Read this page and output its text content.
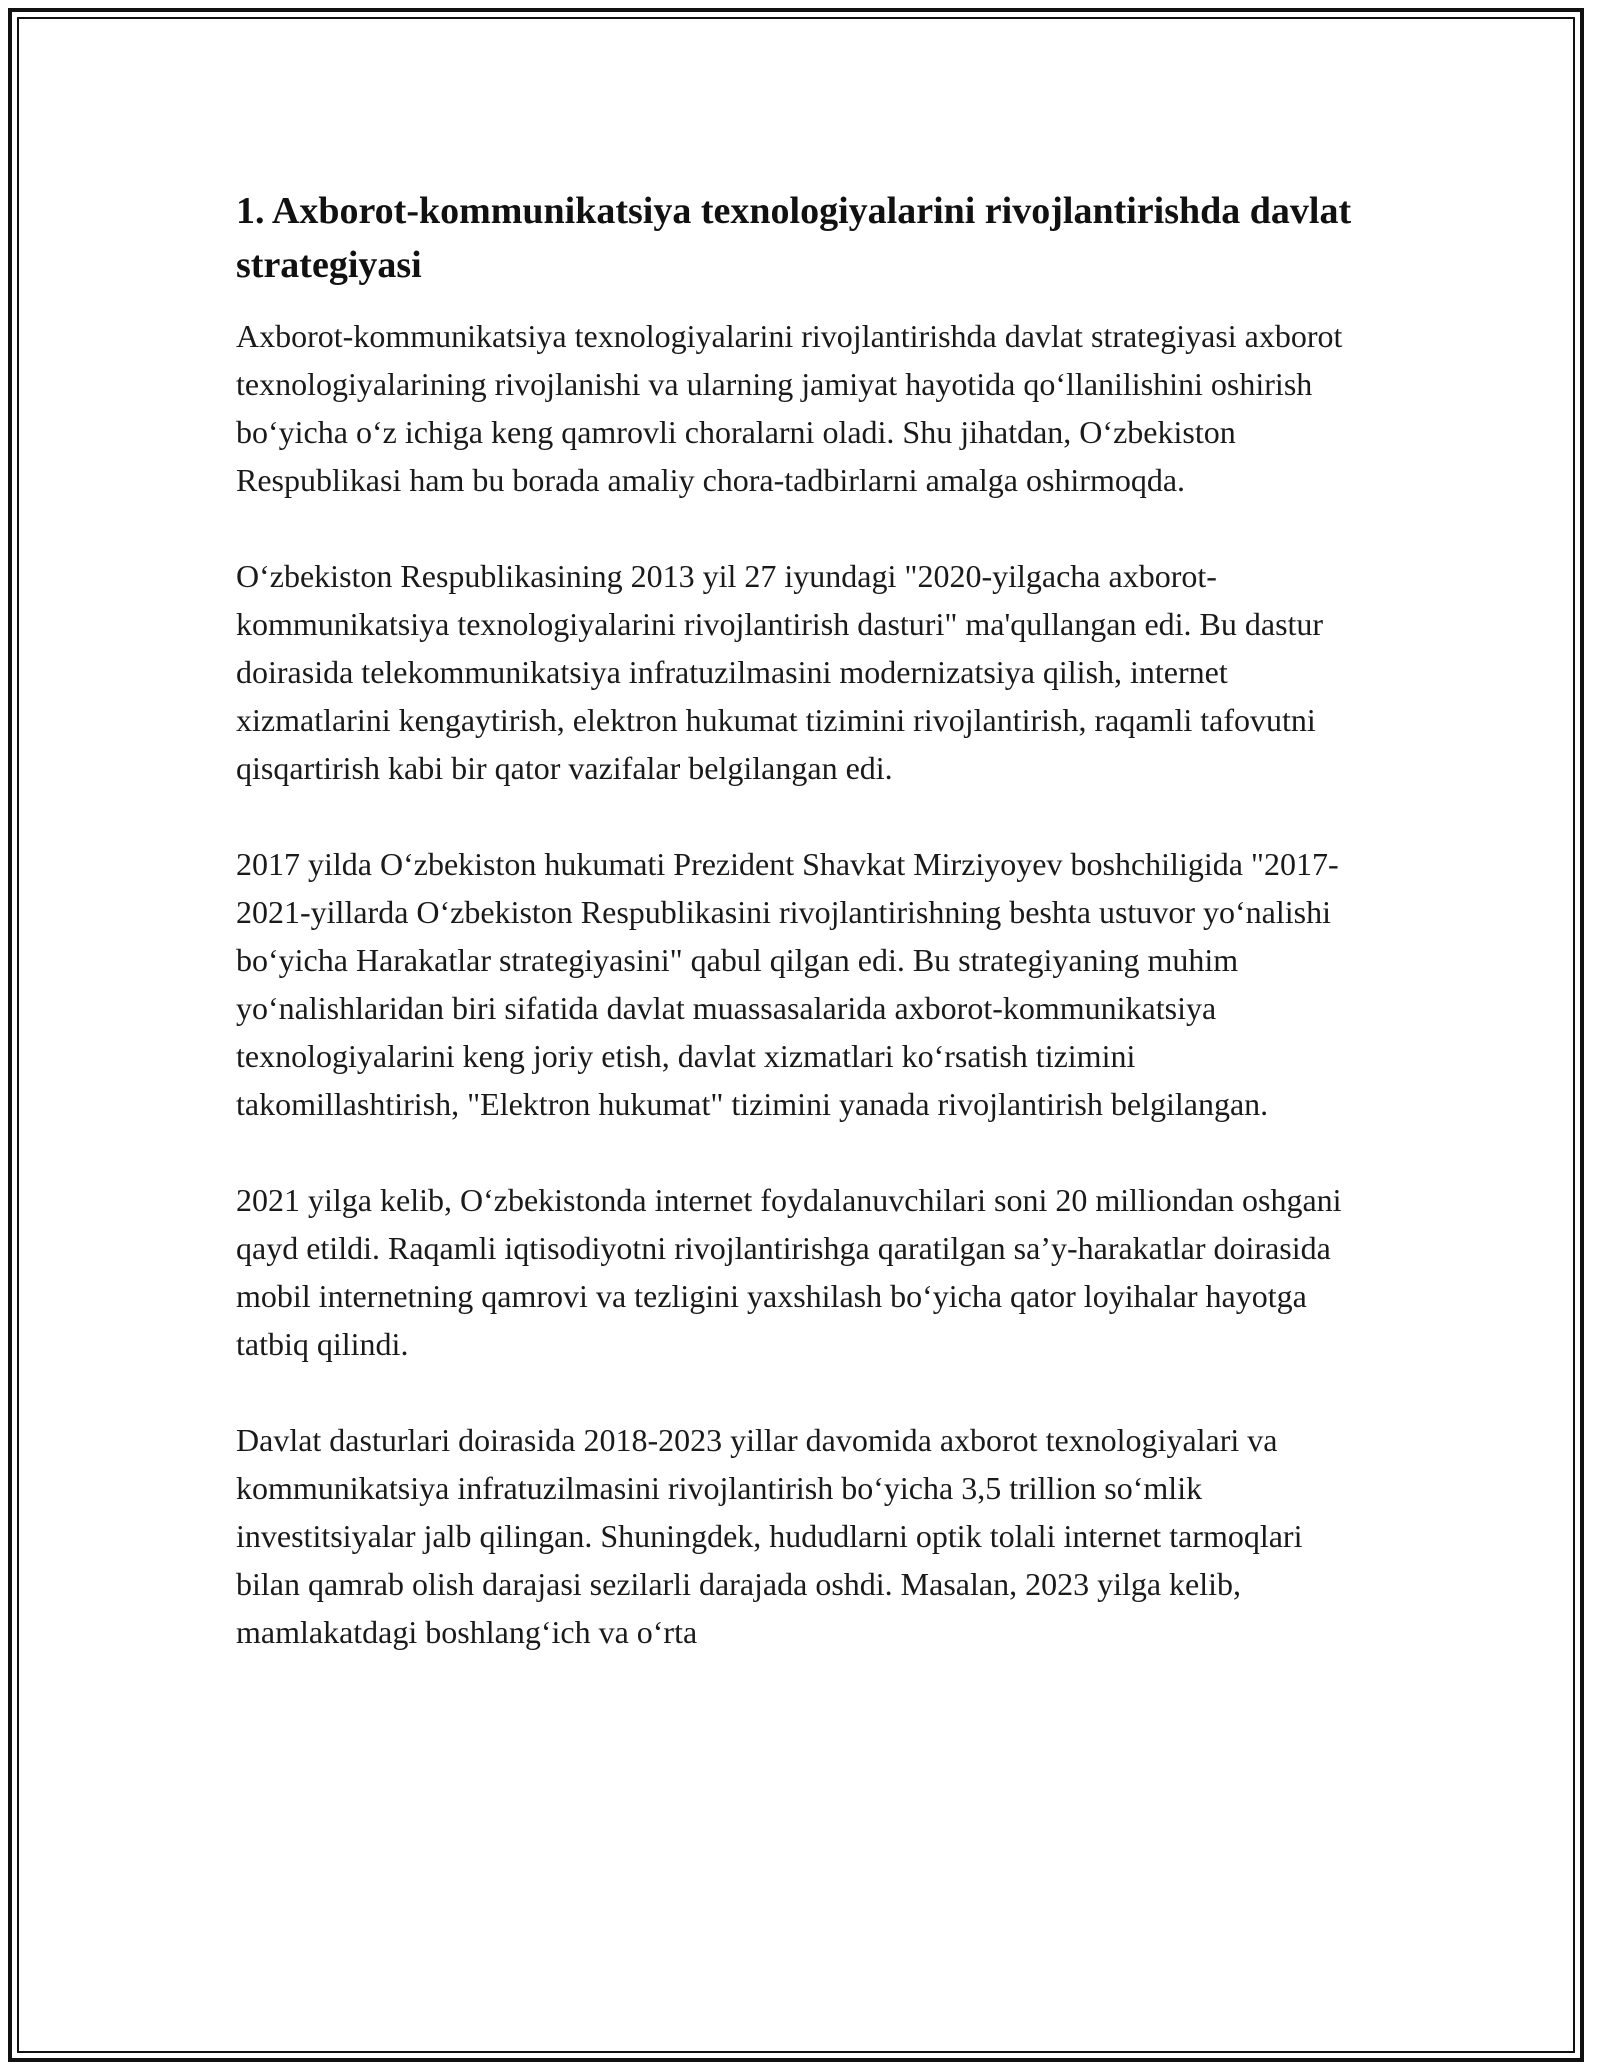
1. Axborot-kommunikatsiya texnologiyalarini rivojlantirishda davlat strategiyasi

Axborot-kommunikatsiya texnologiyalarini rivojlantirishda davlat strategiyasi axborot texnologiyalarining rivojlanishi va ularning jamiyat hayotida qo‘llanilishini oshirish bo‘yicha o‘z ichiga keng qamrovli choralarni oladi. Shu jihatdan, O‘zbekiston Respublikasi ham bu borada amaliy chora-tadbirlarni amalga oshirmoqda.

O‘zbekiston Respublikasining 2013 yil 27 iyundagi "2020-yilgacha axborot-kommunikatsiya texnologiyalarini rivojlantirish dasturi" ma'qullangan edi. Bu dastur doirasida telekommunikatsiya infratuzilmasini modernizatsiya qilish, internet xizmatlarini kengaytirish, elektron hukumat tizimini rivojlantirish, raqamli tafovutni qisqartirish kabi bir qator vazifalar belgilangan edi.

2017 yilda O‘zbekiston hukumati Prezident Shavkat Mirziyoyev boshchiligida "2017-2021-yillarda O‘zbekiston Respublikasini rivojlantirishning beshta ustuvor yo‘nalishi bo‘yicha Harakatlar strategiyasini" qabul qilgan edi. Bu strategiyaning muhim yo‘nalishlaridan biri sifatida davlat muassasalarida axborot-kommunikatsiya texnologiyalarini keng joriy etish, davlat xizmatlari ko‘rsatish tizimini takomillashtirish, "Elektron hukumat" tizimini yanada rivojlantirish belgilangan.

2021 yilga kelib, O‘zbekistonda internet foydalanuvchilari soni 20 milliondan oshgani qayd etildi. Raqamli iqtisodiyotni rivojlantirishga qaratilgan sa’y-harakatlar doirasida mobil internetning qamrovi va tezligini yaxshilash bo‘yicha qator loyihalar hayotga tatbiq qilindi.

Davlat dasturlari doirasida 2018-2023 yillar davomida axborot texnologiyalari va kommunikatsiya infratuzilmasini rivojlantirish bo‘yicha 3,5 trillion so‘mlik investitsiyalar jalb qilingan. Shuningdek, hududlarni optik tolali internet tarmoqlari bilan qamrab olish darajasi sezilarli darajada oshdi. Masalan, 2023 yilga kelib, mamlakatdagi boshlang‘ich va o‘rta
